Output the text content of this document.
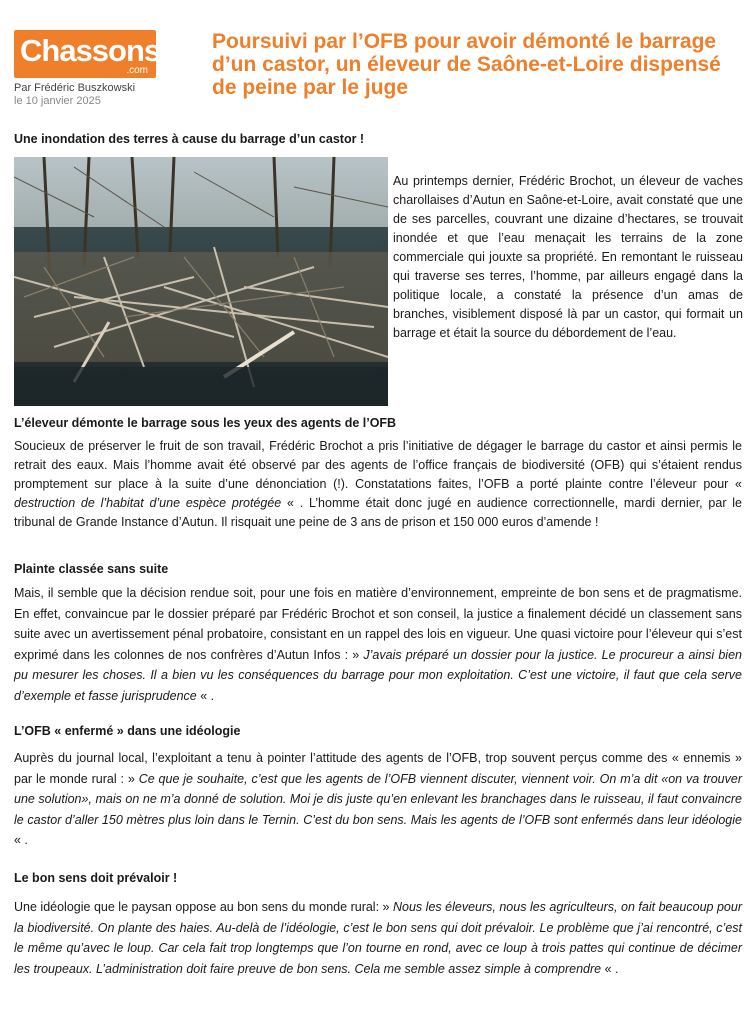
Chassons
.com
Par Frédéric Buszkowski
le 10 janvier 2025
Poursuivi par l’OFB pour avoir démonté le barrage d’un castor, un éleveur de Saône-et-Loire dispensé de peine par le juge
Une inondation des terres à cause du barrage d’un castor !

Au printemps dernier, Frédéric Brochot, un éleveur de vaches charollaises d’Autun en Saône-et-Loire, avait constaté que une de ses parcelles, couvrant une dizaine d’hectares, se trouvait inondée et que l’eau menaçait les terrains de la zone commerciale qui jouxte sa propriété. En remontant le ruisseau qui traverse ses terres, l’homme, par ailleurs engagé dans la politique locale, a constaté la présence d’un amas de branches, visiblement disposé là par un castor, qui formait un barrage et était la source du débordement de l’eau.

L’éleveur démonte le barrage sous les yeux des agents de l’OFB

Soucieux de préserver le fruit de son travail, Frédéric Brochot a pris l’initiative de dégager le barrage du castor et ainsi permis le retrait des eaux. Mais l’homme avait été observé par des agents de l’office français de biodiversité (OFB) qui s’étaient rendus promptement sur place à la suite d’une dénonciation (!). Constatations faites, l’OFB a porté plainte contre l’éleveur pour « destruction de l’habitat d’une espèce protégée « . L’homme était donc jugé en audience correctionnelle, mardi dernier, par le tribunal de Grande Instance d’Autun. Il risquait une peine de 3 ans de prison et 150 000 euros d’amende !

Plainte classée sans suite

Mais, il semble que la décision rendue soit, pour une fois en matière d’environnement, empreinte de bon sens et de pragmatisme. En effet, convaincue par le dossier préparé par Frédéric Brochot et son conseil, la justice a finalement décidé un classement sans suite avec un avertissement pénal probatoire, consistant en un rappel des lois en vigueur. Une quasi victoire pour l’éleveur qui s’est exprimé dans les colonnes de nos confrères d’Autun Infos : » J’avais préparé un dossier pour la justice. Le procureur a ainsi bien pu mesurer les choses. Il a bien vu les conséquences du barrage pour mon exploitation. C’est une victoire, il faut que cela serve d’exemple et fasse jurisprudence « .

L’OFB « enfermé » dans une idéologie

Auprès du journal local, l’exploitant a tenu à pointer l’attitude des agents de l’OFB, trop souvent perçus comme des « ennemis » par le monde rural : » Ce que je souhaite, c’est que les agents de l’OFB viennent discuter, viennent voir. On m’a dit «on va trouver une solution», mais on ne m’a donné de solution. Moi je dis juste qu’en enlevant les branchages dans le ruisseau, il faut convaincre le castor d’aller 150 mètres plus loin dans le Ternin. C’est du bon sens. Mais les agents de l’OFB sont enfermés dans leur idéologie « .

Le bon sens doit prévaloir !

Une idéologie que le paysan oppose au bon sens du monde rural: » Nous les éleveurs, nous les agriculteurs, on fait beaucoup pour la biodiversité. On plante des haies. Au-delà de l’idéologie, c’est le bon sens qui doit prévaloir. Le problème que j’ai rencontré, c’est le même qu’avec le loup. Car cela fait trop longtemps que l’on tourne en rond, avec ce loup à trois pattes qui continue de décimer les troupeaux. L’administration doit faire preuve de bon sens. Cela me semble assez simple à comprendre « .
